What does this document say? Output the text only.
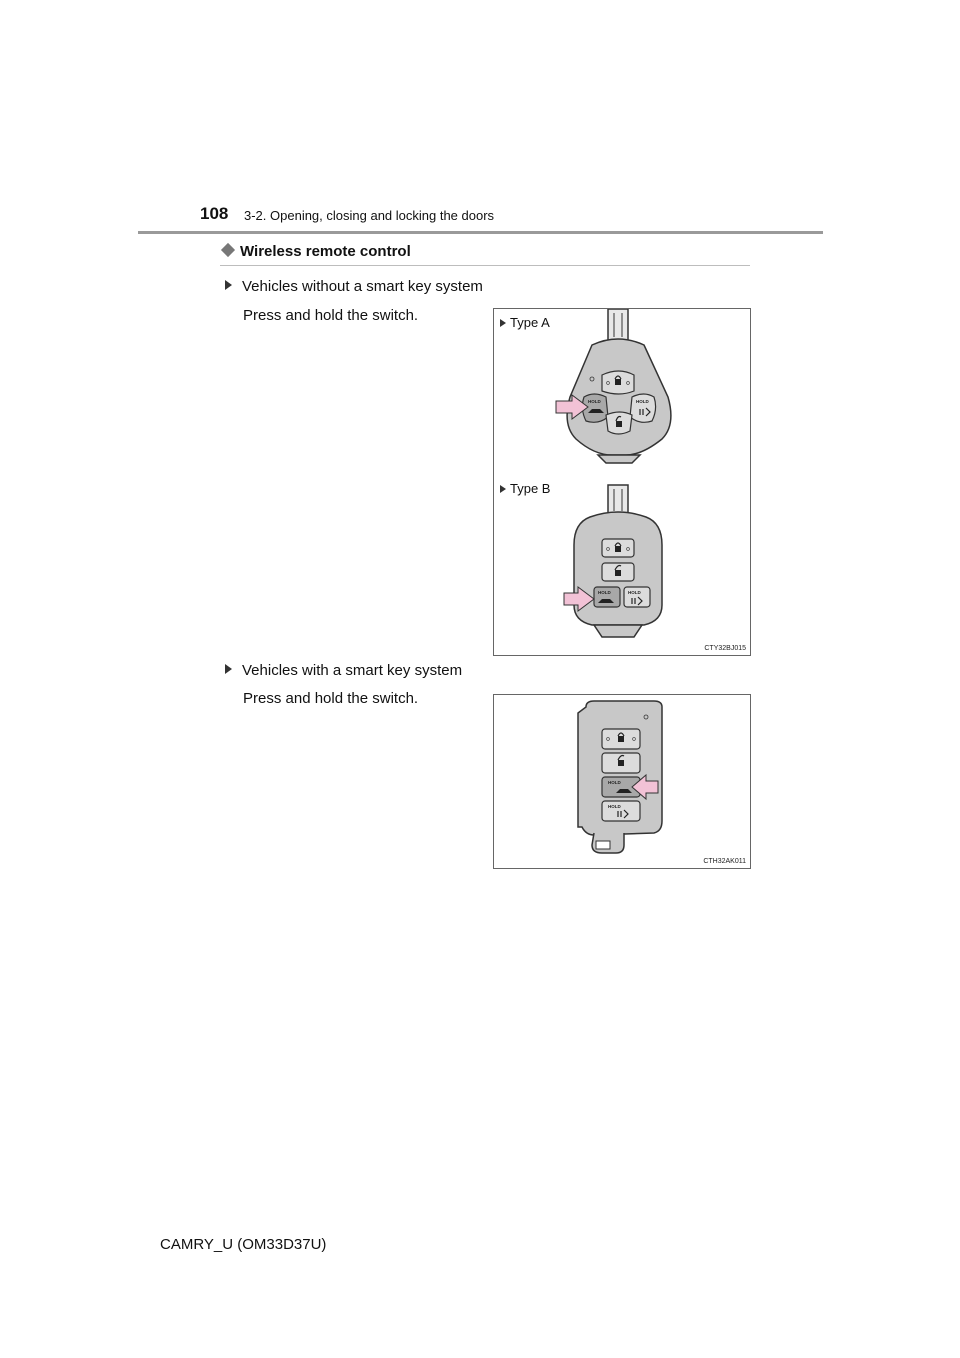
108 3-2. Opening, closing and locking the doors
Wireless remote control
Vehicles without a smart key system
Press and hold the switch.	Type A
Type B
HOLD	HOLD
HOLD	HOLD
CTY32BJ015
Vehicles with a smart key system
Press and hold the switch.
HOLD
HOLD
CTH32AK011
CAMRY_U (OM33D37U)
